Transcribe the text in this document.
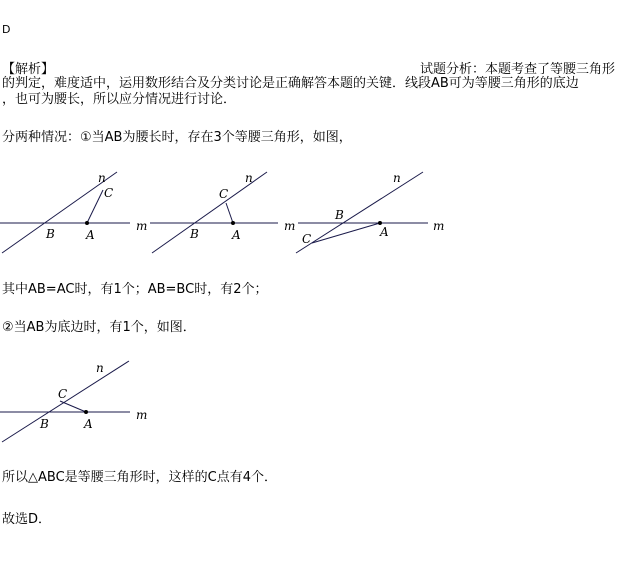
D
【解析】	试题分析：本题考查了等腰三角形
的判定，难度适中，运用数形结合及分类讨论是正确解答本题的关键．线段AB可为等腰三角形的底边
，也可为腰长，所以应分情况进行讨论．
分两种情况：①当AB为腰长时，存在3个等腰三角形，如图，
其中AB=AC时，有1个；AB=BC时，有2个；
②当AB为底边时，有1个，如图．
所以△ABC是等腰三角形时，这样的C点有4个．
故选D．
n
C
B	A
m
n
C
B	A
m
n
B
C	A	m
n
C
B	A
m
